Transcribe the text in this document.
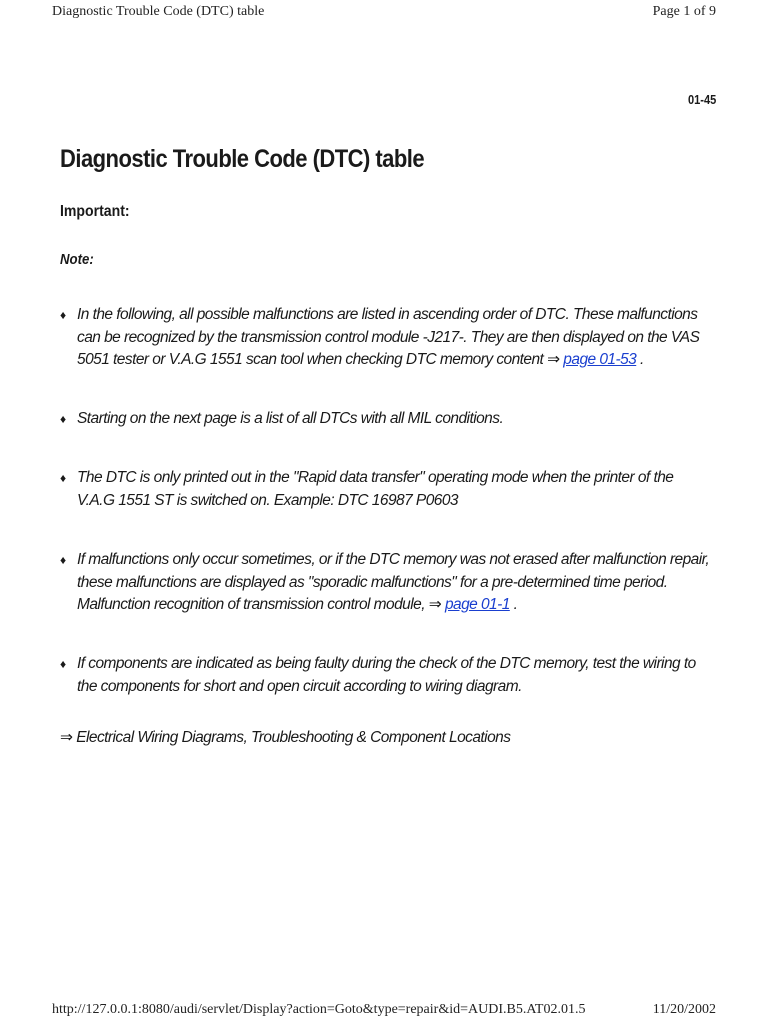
Diagnostic Trouble Code (DTC) table	Page 1 of 9
01-45
Diagnostic Trouble Code (DTC) table
Important:
Note:
♦ In the following, all possible malfunctions are listed in ascending order of DTC. These malfunctions can be recognized by the transmission control module -J217-. They are then displayed on the VAS 5051 tester or V.A.G 1551 scan tool when checking DTC memory content ⇒ page 01-53 .
♦ Starting on the next page is a list of all DTCs with all MIL conditions.
♦ The DTC is only printed out in the "Rapid data transfer" operating mode when the printer of the V.A.G 1551 ST is switched on. Example: DTC 16987 P0603
♦ If malfunctions only occur sometimes, or if the DTC memory was not erased after malfunction repair, these malfunctions are displayed as "sporadic malfunctions" for a pre-determined time period. Malfunction recognition of transmission control module, ⇒ page 01-1 .
♦ If components are indicated as being faulty during the check of the DTC memory, test the wiring to the components for short and open circuit according to wiring diagram.
⇒ Electrical Wiring Diagrams, Troubleshooting & Component Locations
http://127.0.0.1:8080/audi/servlet/Display?action=Goto&type=repair&id=AUDI.B5.AT02.01.5	11/20/2002
